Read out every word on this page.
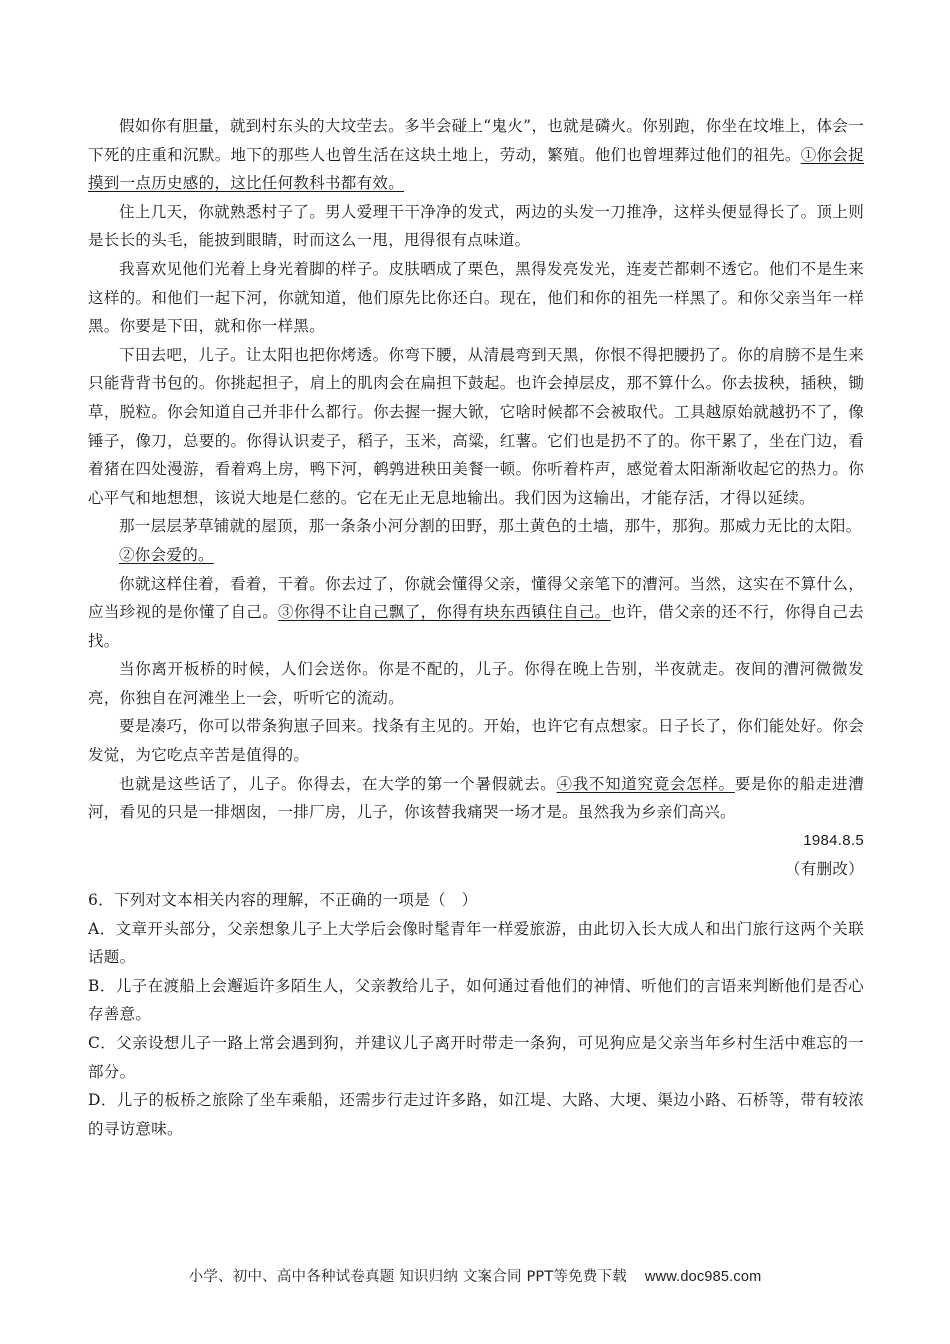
假如你有胆量，就到村东头的大坟茔去。多半会碰上“鬼火”，也就是磷火。你别跑，你坐在坟堆上，体会一下死的庄重和沉默。地下的那些人也曾生活在这块土地上，劳动，繁殖。他们也曾埋葬过他们的祖先。①你会捉摸到一点历史感的，这比任何教科书都有效。

住上几天，你就熟悉村子了。男人爱理干干净净的发式，两边的头发一刀推净，这样头便显得长了。顶上则是长长的头毛，能披到眼睛，时而这么一甩，甩得很有点味道。

我喜欢见他们光着上身光着脚的样子。皮肤晒成了栗色，黑得发亮发光，连麦芒都刺不透它。他们不是生来这样的。和他们一起下河，你就知道，他们原先比你还白。现在，他们和你的祖先一样黑了。和你父亲当年一样黑。你要是下田，就和你一样黑。

下田去吧，儿子。让太阳也把你烤透。你弯下腰，从清晨弯到天黑，你恨不得把腰扔了。你的肩膀不是生来只能背背书包的。你挑起担子，肩上的肌肉会在扁担下鼓起。也许会掉层皮，那不算什么。你去拔秧，插秧，锄草，脱粒。你会知道自己并非什么都行。你去握一握大锨，它啥时候都不会被取代。工具越原始就越扔不了，像锤子，像刀，总要的。你得认识麦子，稻子，玉米，高粱，红薯。它们也是扔不了的。你干累了，坐在门边，看着猪在四处漫游，看着鸡上房，鸭下河，鹌鹑进秧田美餐一顿。你听着杵声，感觉着太阳渐渐收起它的热力。你心平气和地想想，该说大地是仁慈的。它在无止无息地输出。我们因为这输出，才能存活，才得以延续。

那一层层茅草铺就的屋顶，那一条条小河分割的田野，那土黄色的土墙，那牛，那狗。那威力无比的太阳。

②你会爱的。

你就这样住着，看着，干着。你去过了，你就会懂得父亲，懂得父亲笔下的漕河。当然，这实在不算什么，应当珍视的是你懂了自己。③你得不让自己飘了，你得有块东西镇住自己。也许，借父亲的还不行，你得自己去找。

当你离开板桥的时候，人们会送你。你是不配的，儿子。你得在晚上告别，半夜就走。夜间的漕河微微发亮，你独自在河滩坐上一会，听听它的流动。

要是凑巧，你可以带条狗崽子回来。找条有主见的。开始，也许它有点想家。日子长了，你们能处好。你会发觉，为它吃点辛苦是值得的。

也就是这些话了，儿子。你得去，在大学的第一个暑假就去。④我不知道究竟会怎样。要是你的船走进漕河，看见的只是一排烟囱，一排厂房，儿子，你该替我痛哭一场才是。虽然我为乡亲们高兴。

1984.8.5

（有删改）

6．下列对文本相关内容的理解，不正确的一项是（　）

A．文章开头部分，父亲想象儿子上大学后会像时髦青年一样爱旅游，由此切入长大成人和出门旅行这两个关联话题。

B．儿子在渡船上会邂逅许多陌生人，父亲教给儿子，如何通过看他们的神情、听他们的言语来判断他们是否心存善意。

C．父亲设想儿子一路上常会遇到狗，并建议儿子离开时带走一条狗，可见狗应是父亲当年乡村生活中难忘的一部分。

D．儿子的板桥之旅除了坐车乘船，还需步行走过许多路，如江堤、大路、大埂、渠边小路、石桥等，带有较浓的寻访意味。

小学、初中、高中各种试卷真题 知识归纳 文案合同 PPT等免费下载 www.doc985.com
